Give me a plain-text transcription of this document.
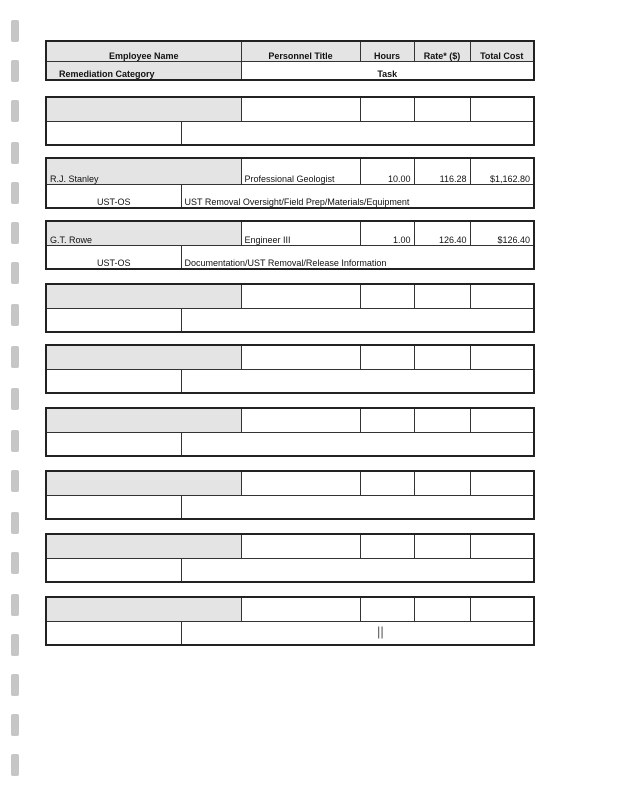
Employee Name	Personnel Title	Hours	Rate* ($)	Total Cost
Remediation Category	Task			

R.J. Stanley		Professional Geologist	10.00	116.28	$1,162.80
UST-OS	UST Removal Oversight/Field Prep/Materials/Equipment				
G.T. Rowe		Engineer III	1.00	126.40	$126.40
UST-OS	Documentation/UST Removal/Release Information				

||
